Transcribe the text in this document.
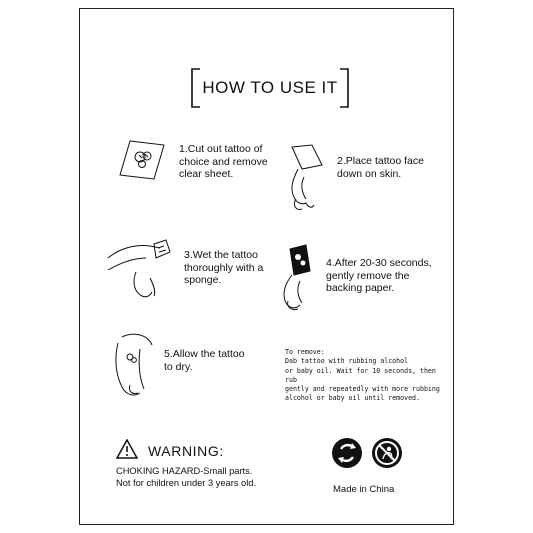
HOW TO USE IT
1.Cut out tattoo of
choice and remove
clear sheet.
2.Place tattoo face
down on skin.
3.Wet the tattoo
thoroughly with a
sponge.
4.After 20-30 seconds,
gently remove the
backing paper.
5.Allow the tattoo
to dry.
To remove:
Dab tattoo with rubbing alcohol
or baby oil. Wait for 10 seconds, then rub
gently and repeatedly with more rubbing
alcohol or baby oil until removed.
WARNING:
CHOKING HAZARD-Small parts.
Not for children under 3 years old.
Made in China
